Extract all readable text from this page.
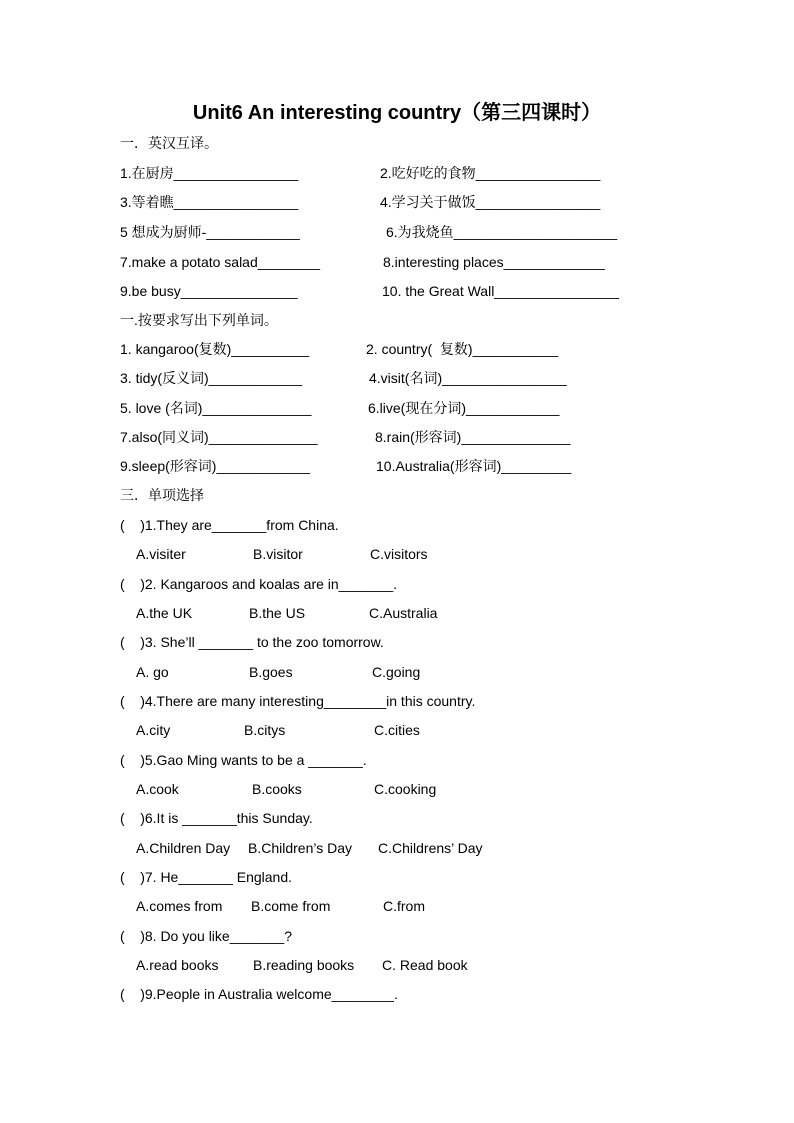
Unit6 An interesting country（第三四课时）
一．英汉互译。
1.在厨房________________	2.吃好吃的食物________________
3.等着瞧________________	4.学习关于做饭________________
5 想成为厨师-____________	6.为我烧鱼_____________________
7.make a potato salad________	8.interesting places_____________
9.be busy_______________	10. the Great Wall________________
一.按要求写出下列单词。
1. kangaroo(复数)__________	2. country(  复数)___________
3. tidy(反义词)____________	4.visit(名词)________________
5. love (名词)______________	6.live(现在分词)____________
7.also(同义词)______________	8.rain(形容词)______________
9.sleep(形容词)____________	10.Australia(形容词)_________
三．单项选择
(    )1.They are_______from China.
A.visiter	B.visitor	C.visitors
(    )2. Kangaroos and koalas are in_______.
A.the UK	B.the US	C.Australia
(    )3. She’ll _______ to the zoo tomorrow.
A. go	B.goes	C.going
(    )4.There are many interesting________in this country.
A.city	B.citys	C.cities
(    )5.Gao Ming wants to be a _______.
A.cook	B.cooks	C.cooking
(    )6.It is _______this Sunday.
A.Children Day B.Children’s Day C.Childrens’ Day
(    )7. He_______ England.
A.comes from B.come from	C.from
(    )8. Do you like_______?
A.read books B.reading books C. Read book
(    )9.People in Australia welcome________.
